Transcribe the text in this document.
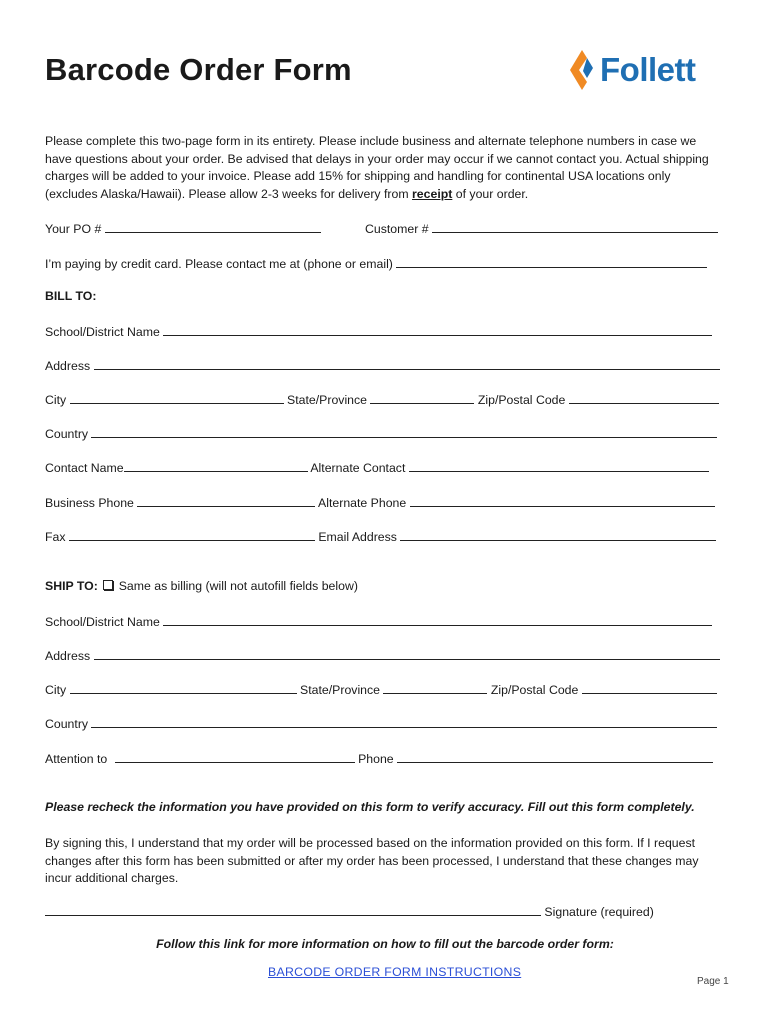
Barcode Order Form	Follett
Please complete this two-page form in its entirety. Please include business and alternate telephone numbers in case we have questions about your order. Be advised that delays in your order may occur if we cannot contact you. Actual shipping charges will be added to your invoice. Please add 15% for shipping and handling for continental USA locations only (excludes Alaska/Hawaii). Please allow 2-3 weeks for delivery from receipt of your order.
Your PO #	Customer #
I’m paying by credit card. Please contact me at (phone or email)
BILL TO:
School/District Name
Address
City	State/Province	Zip/Postal Code
Country
Contact Name	Alternate Contact
Business Phone	Alternate Phone
Fax	Email Address
SHIP TO: Same as billing (will not autofill fields below)
School/District Name
Address
City	State/Province	Zip/Postal Code
Country
Attention to	Phone
Please recheck the information you have provided on this form to verify accuracy. Fill out this form completely.
By signing this, I understand that my order will be processed based on the information provided on this form. If I request changes after this form has been submitted or after my order has been processed, I understand that these changes may incur additional charges.
Signature (required)
Follow this link for more information on how to fill out the barcode order form:
BARCODE ORDER FORM INSTRUCTIONS
Page 1
